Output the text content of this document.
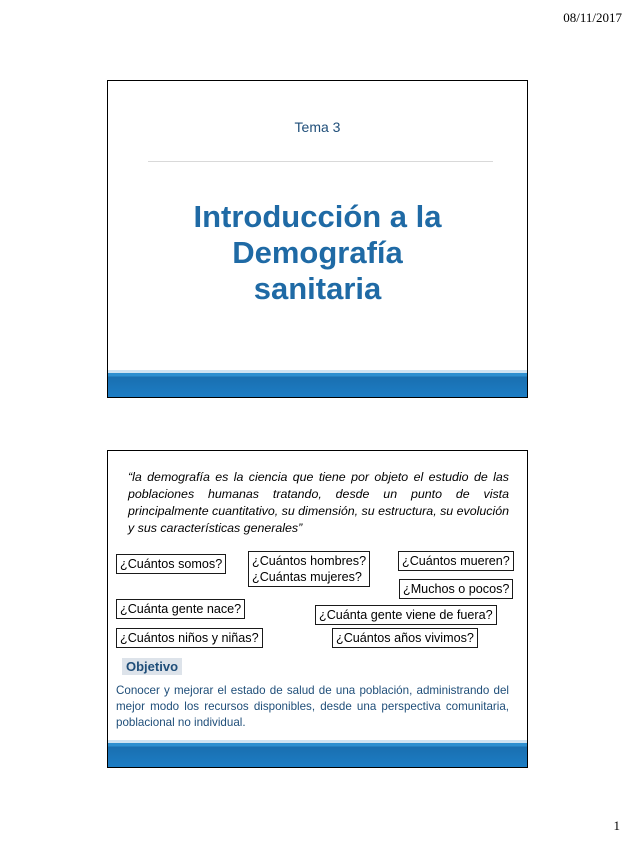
08/11/2017
Tema 3
Introducción a la
Demografía
sanitaria
“la demografía es la ciencia que tiene por objeto el estudio de las poblaciones humanas tratando, desde un punto de vista principalmente cuantitativo, su dimensión, su estructura, su evolución y sus características generales”
¿Cuántos somos?	¿Cuántos hombres?
¿Cuántas mujeres?
¿Cuántos mueren?
¿Muchos o pocos?
¿Cuánta gente nace?	¿Cuánta gente viene de fuera?
¿Cuántos niños y niñas?	¿Cuántos años vivimos?
Objetivo
Conocer y mejorar el estado de salud de una población, administrando del mejor modo los recursos disponibles, desde una perspectiva comunitaria, poblacional no individual.
1
